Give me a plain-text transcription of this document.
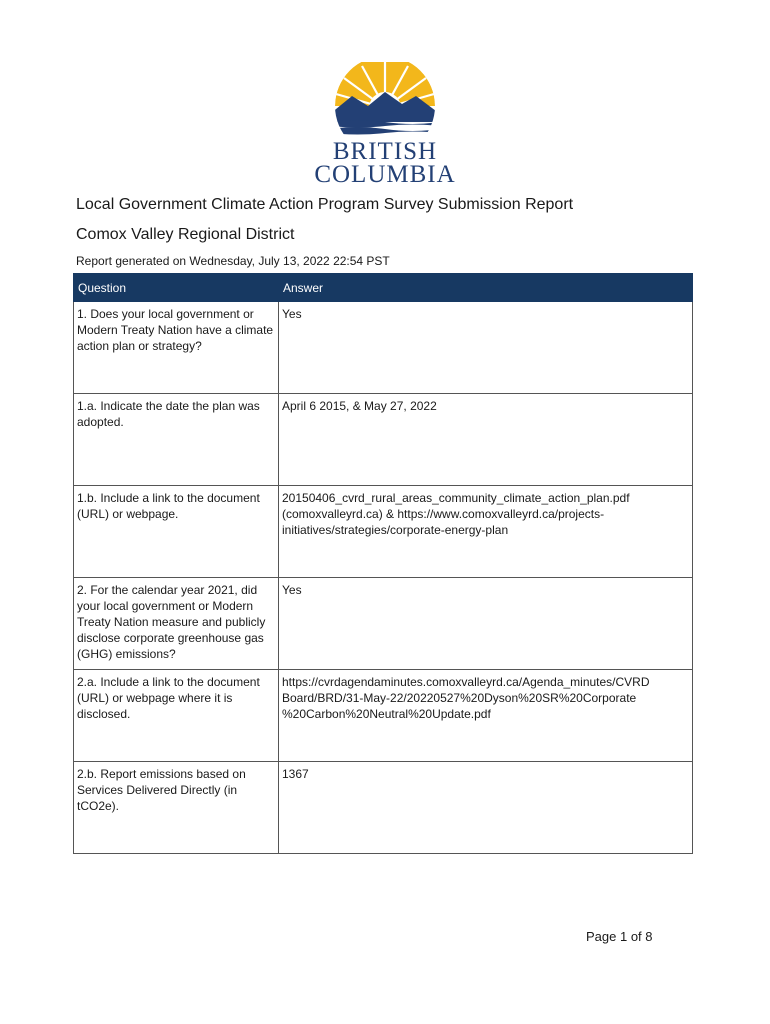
BRITISH
COLUMBIA
Local Government Climate Action Program Survey Submission Report
Comox Valley Regional District
Report generated on Wednesday, July 13, 2022 22:54 PST
Question	Answer
1. Does your local government or Modern Treaty Nation have a climate action plan or strategy?	Yes
1.a. Indicate the date the plan was adopted.	April 6 2015, & May 27, 2022
1.b. Include a link to the document (URL) or webpage.	20150406_cvrd_rural_areas_community_climate_action_plan.pdf (comoxvalleyrd.ca) & https://www.comoxvalleyrd.ca/projects-initiatives/strategies/corporate-energy-plan
2. For the calendar year 2021, did your local government or Modern Treaty Nation measure and publicly disclose corporate greenhouse gas (GHG) emissions?	Yes
2.a. Include a link to the document (URL) or webpage where it is disclosed.	https://cvrdagendaminutes.comoxvalleyrd.ca/Agenda_minutes/CVRD Board/BRD/31-May-22/20220527%20Dyson%20SR%20Corporate %20Carbon%20Neutral%20Update.pdf
2.b. Report emissions based on Services Delivered Directly (in tCO2e).	1367
Page 1 of 8
